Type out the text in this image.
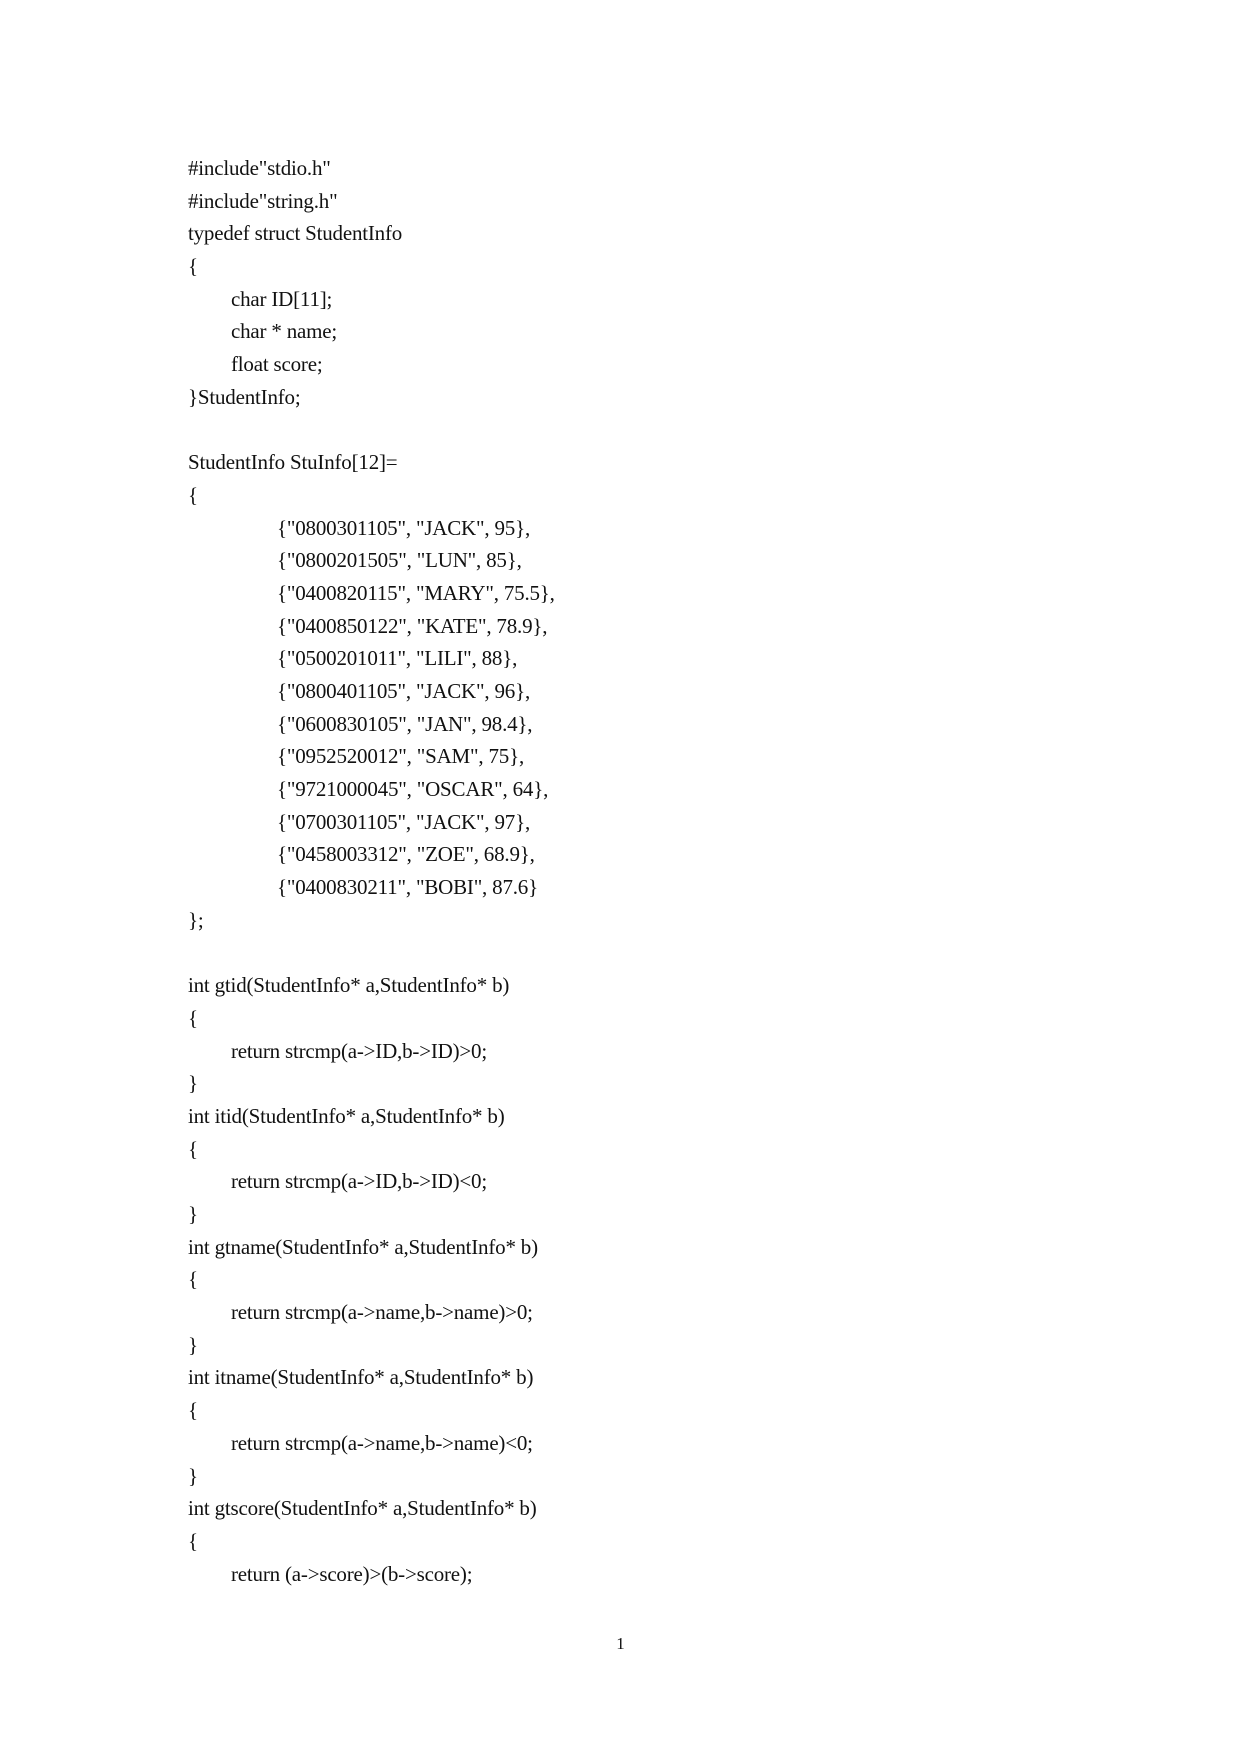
#include"stdio.h"
#include"string.h"
typedef struct StudentInfo
{
char ID[11];
char * name;
float score;
}StudentInfo;
StudentInfo StuInfo[12]=
{
{"0800301105", "JACK", 95},
{"0800201505", "LUN", 85},
{"0400820115", "MARY", 75.5},
{"0400850122", "KATE", 78.9},
{"0500201011", "LILI", 88},
{"0800401105", "JACK", 96},
{"0600830105", "JAN", 98.4},
{"0952520012", "SAM", 75},
{"9721000045", "OSCAR", 64},
{"0700301105", "JACK", 97},
{"0458003312", "ZOE", 68.9},
{"0400830211", "BOBI", 87.6}
};
int gtid(StudentInfo* a,StudentInfo* b)
{
return strcmp(a->ID,b->ID)>0;
}
int itid(StudentInfo* a,StudentInfo* b)
{
return strcmp(a->ID,b->ID)<0;
}
int gtname(StudentInfo* a,StudentInfo* b)
{
return strcmp(a->name,b->name)>0;
}
int itname(StudentInfo* a,StudentInfo* b)
{
return strcmp(a->name,b->name)<0;
}
int gtscore(StudentInfo* a,StudentInfo* b)
{
return (a->score)>(b->score);
1
